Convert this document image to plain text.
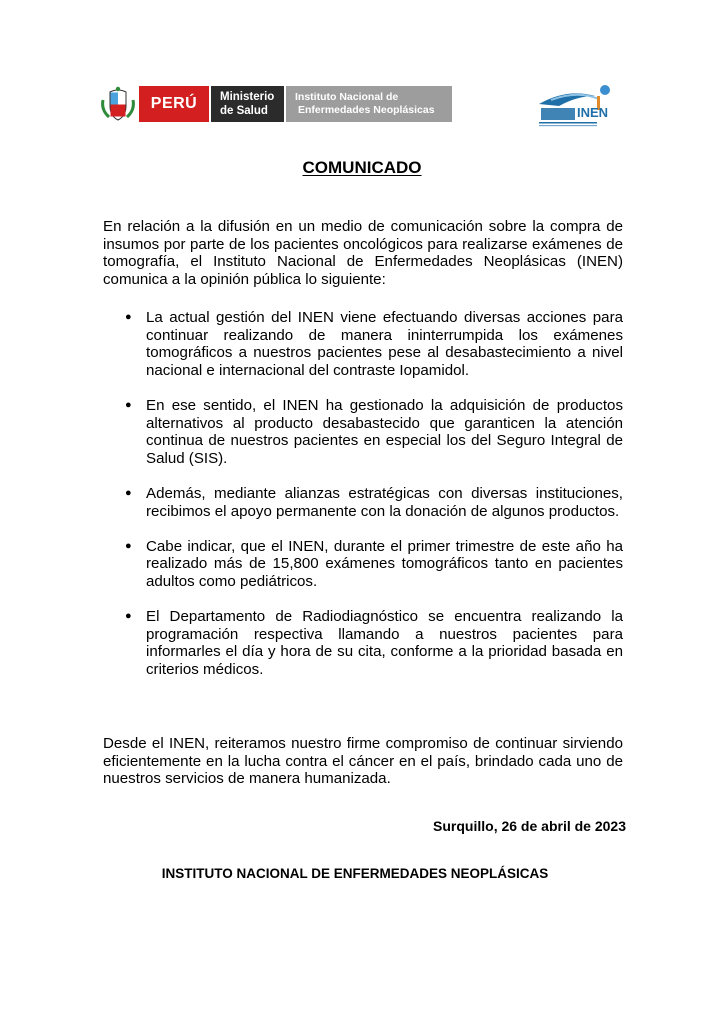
PERÚ	Ministerio
de Salud
Instituto Nacional de
Enfermedades Neoplásicas	INEN
COMUNICADO

En relación a la difusión en un medio de comunicación sobre la compra de insumos por parte de los pacientes oncológicos para realizarse exámenes de tomografía, el Instituto Nacional de Enfermedades Neoplásicas (INEN) comunica a la opinión pública lo siguiente:

● La actual gestión del INEN viene efectuando diversas acciones para continuar realizando de manera ininterrumpida los exámenes tomográficos a nuestros pacientes pese al desabastecimiento a nivel nacional e internacional del contraste Iopamidol.
● En ese sentido, el INEN ha gestionado la adquisición de productos alternativos al producto desabastecido que garanticen la atención continua de nuestros pacientes en especial los del Seguro Integral de Salud (SIS).
● Además, mediante alianzas estratégicas con diversas instituciones, recibimos el apoyo permanente con la donación de algunos productos.
● Cabe indicar, que el INEN, durante el primer trimestre de este año ha realizado más de 15,800 exámenes tomográficos tanto en pacientes adultos como pediátricos.
● El Departamento de Radiodiagnóstico se encuentra realizando la programación respectiva llamando a nuestros pacientes para informarles el día y hora de su cita, conforme a la prioridad basada en criterios médicos.

Desde el INEN, reiteramos nuestro firme compromiso de continuar sirviendo eficientemente en la lucha contra el cáncer en el país, brindado cada uno de nuestros servicios de manera humanizada.

Surquillo, 26 de abril de 2023
INSTITUTO NACIONAL DE ENFERMEDADES NEOPLÁSICAS
